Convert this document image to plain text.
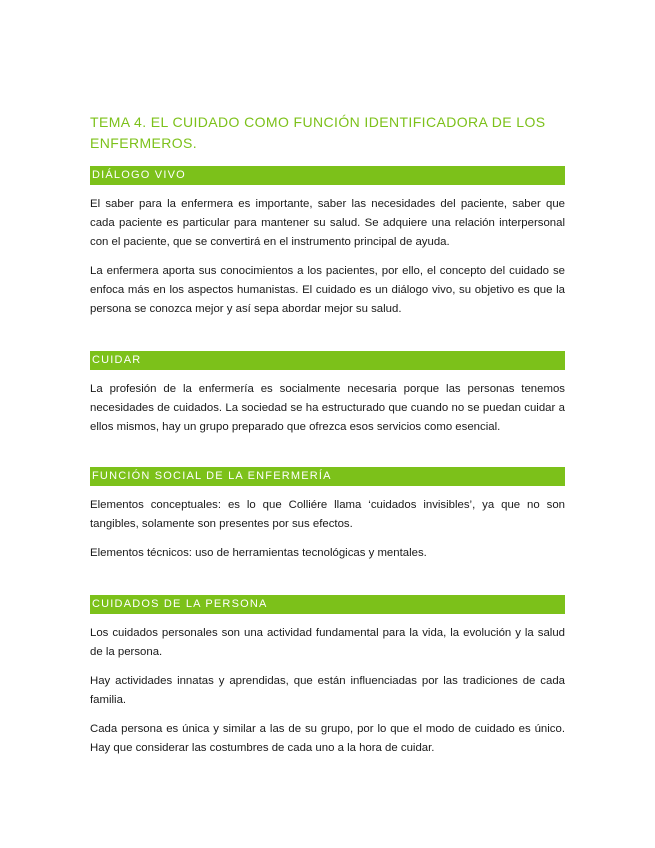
TEMA 4. EL CUIDADO COMO FUNCIÓN IDENTIFICADORA DE LOS ENFERMEROS.
DIÁLOGO VIVO

El saber para la enfermera es importante, saber las necesidades del paciente, saber que cada paciente es particular para mantener su salud. Se adquiere una relación interpersonal con el paciente, que se convertirá en el instrumento principal de ayuda.

La enfermera aporta sus conocimientos a los pacientes, por ello, el concepto del cuidado se enfoca más en los aspectos humanistas. El cuidado es un diálogo vivo, su objetivo es que la persona se conozca mejor y así sepa abordar mejor su salud.

CUIDAR

La profesión de la enfermería es socialmente necesaria porque las personas tenemos necesidades de cuidados. La sociedad se ha estructurado que cuando no se puedan cuidar a ellos mismos, hay un grupo preparado que ofrezca esos servicios como esencial.

FUNCIÓN SOCIAL DE LA ENFERMERÍA

Elementos conceptuales: es lo que Colliére llama ‘cuidados invisibles’, ya que no son tangibles, solamente son presentes por sus efectos.

Elementos técnicos: uso de herramientas tecnológicas y mentales.

CUIDADOS DE LA PERSONA

Los cuidados personales son una actividad fundamental para la vida, la evolución y la salud de la persona.

Hay actividades innatas y aprendidas, que están influenciadas por las tradiciones de cada familia.

Cada persona es única y similar a las de su grupo, por lo que el modo de cuidado es único. Hay que considerar las costumbres de cada uno a la hora de cuidar.
